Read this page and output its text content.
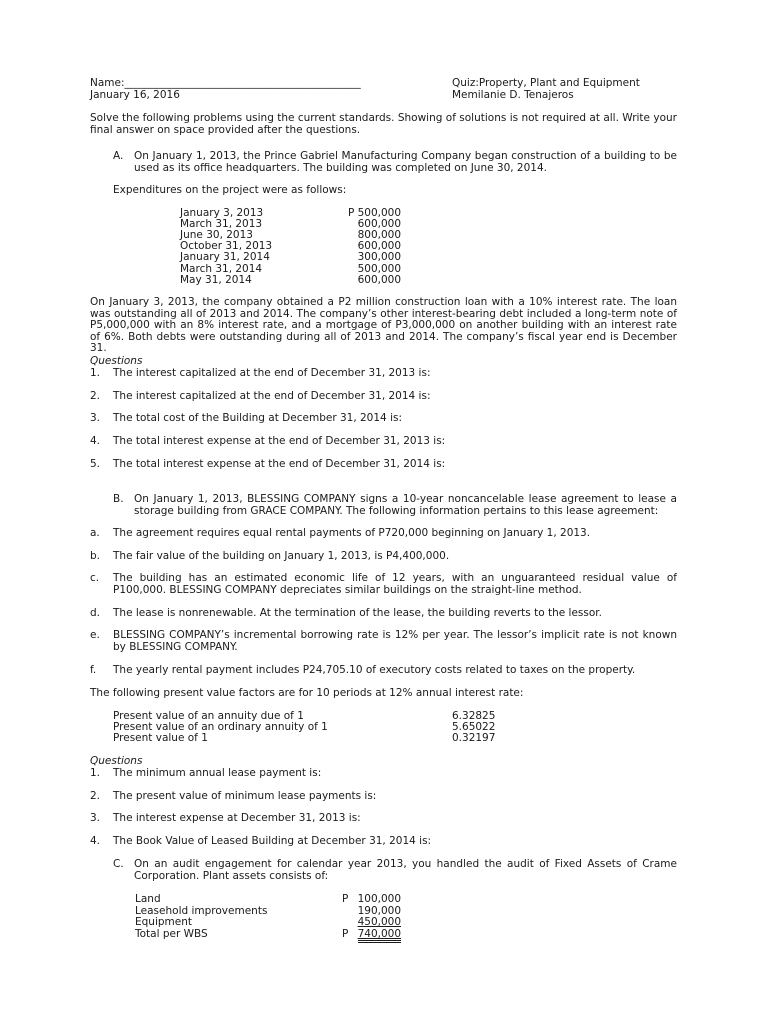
Name:_____________________________________________
January 16, 2016
Quiz:Property, Plant and Equipment
Memilanie D. Tenajeros
Solve the following problems using the current standards. Showing of solutions is not required at all. Write your final answer on space provided after the questions.
A. On January 1, 2013, the Prince Gabriel Manufacturing Company began construction of a building to be used as its office headquarters. The building was completed on June 30, 2014.
Expenditures on the project were as follows:
January 3, 2013	P 500,000
March 31, 2013	600,000
June 30, 2013	800,000
October 31, 2013	600,000
January 31, 2014	300,000
March 31, 2014	500,000
May 31, 2014	600,000
On January 3, 2013, the company obtained a P2 million construction loan with a 10% interest rate. The loan was outstanding all of 2013 and 2014. The company’s other interest-bearing debt included a long-term note of P5,000,000 with an 8% interest rate, and a mortgage of P3,000,000 on another building with an interest rate of 6%. Both debts were outstanding during all of 2013 and 2014. The company’s fiscal year end is December 31.
Questions
1. The interest capitalized at the end of December 31, 2013 is:
2. The interest capitalized at the end of December 31, 2014 is:
3. The total cost of the Building at December 31, 2014 is:
4. The total interest expense at the end of December 31, 2013 is:
5. The total interest expense at the end of December 31, 2014 is:
B. On January 1, 2013, BLESSING COMPANY signs a 10-year noncancelable lease agreement to lease a storage building from GRACE COMPANY. The following information pertains to this lease agreement:
a. The agreement requires equal rental payments of P720,000 beginning on January 1, 2013.
b. The fair value of the building on January 1, 2013, is P4,400,000.
c. The building has an estimated economic life of 12 years, with an unguaranteed residual value of P100,000. BLESSING COMPANY depreciates similar buildings on the straight-line method.
d. The lease is nonrenewable. At the termination of the lease, the building reverts to the lessor.
e. BLESSING COMPANY’s incremental borrowing rate is 12% per year. The lessor’s implicit rate is not known by BLESSING COMPANY.
f. The yearly rental payment includes P24,705.10 of executory costs related to taxes on the property.
The following present value factors are for 10 periods at 12% annual interest rate:
Present value of an annuity due of 1	6.32825
Present value of an ordinary annuity of 1	5.65022
Present value of 1	0.32197
Questions
1. The minimum annual lease payment is:
2. The present value of minimum lease payments is:
3. The interest expense at December 31, 2013 is:
4. The Book Value of Leased Building at December 31, 2014 is:
C. On an audit engagement for calendar year 2013, you handled the audit of Fixed Assets of Crame Corporation. Plant assets consists of:
Land	P 100,000
Leasehold improvements	190,000
Equipment	450,000
Total per WBS	P 740,000
